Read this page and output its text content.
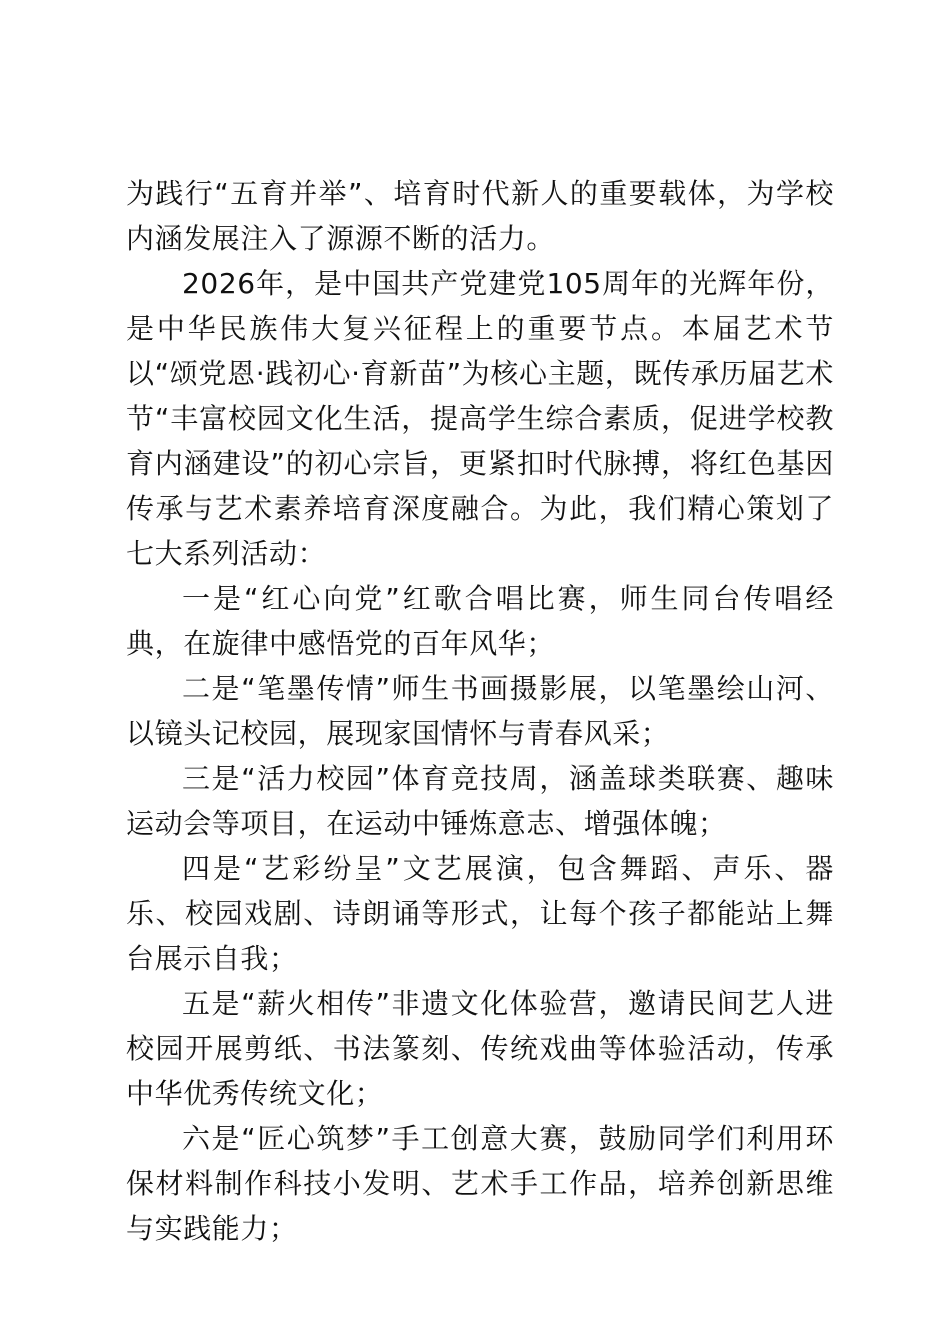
为践行“五育并举”、培育时代新人的重要载体，为学校内涵发展注入了源源不断的活力。

2026年，是中国共产党建党105周年的光辉年份，是中华民族伟大复兴征程上的重要节点。本届艺术节以“颂党恩·践初心·育新苗”为核心主题，既传承历届艺术节“丰富校园文化生活，提高学生综合素质，促进学校教育内涵建设”的初心宗旨，更紧扣时代脉搏，将红色基因传承与艺术素养培育深度融合。为此，我们精心策划了七大系列活动：

一是“红心向党”红歌合唱比赛，师生同台传唱经典，在旋律中感悟党的百年风华；

二是“笔墨传情”师生书画摄影展，以笔墨绘山河、以镜头记校园，展现家国情怀与青春风采；

三是“活力校园”体育竞技周，涵盖球类联赛、趣味运动会等项目，在运动中锤炼意志、增强体魄；

四是“艺彩纷呈”文艺展演，包含舞蹈、声乐、器乐、校园戏剧、诗朗诵等形式，让每个孩子都能站上舞台展示自我；

五是“薪火相传”非遗文化体验营，邀请民间艺人进校园开展剪纸、书法篆刻、传统戏曲等体验活动，传承中华优秀传统文化；

六是“匠心筑梦”手工创意大赛，鼓励同学们利用环保材料制作科技小发明、艺术手工作品，培养创新思维与实践能力；
